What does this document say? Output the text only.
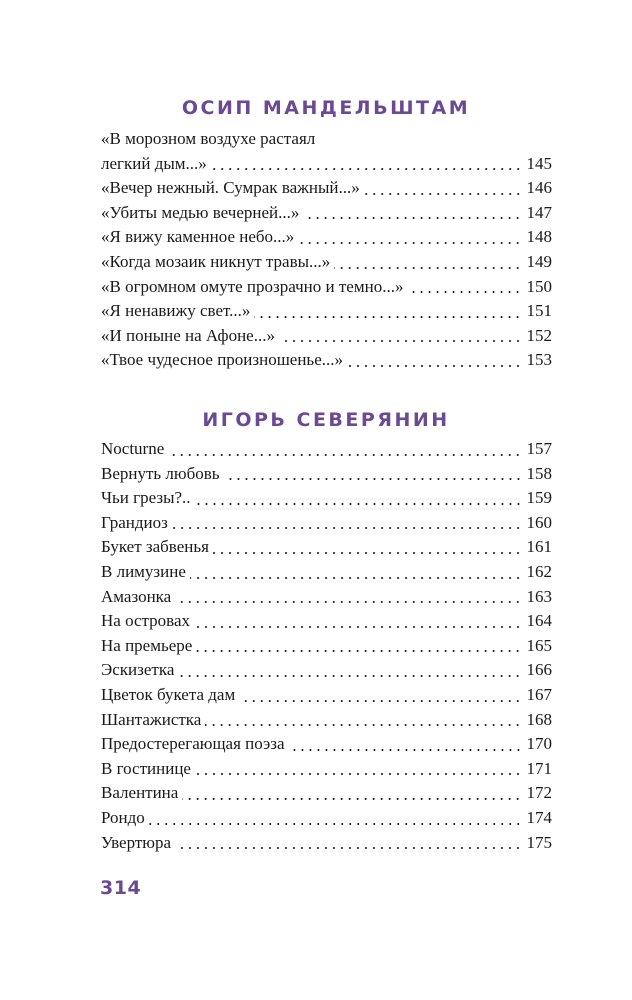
ОСИП МАНДЕЛЬШТАМ
«В морозном воздухе растаял
легкий дым...»	145
«Вечер нежный. Сумрак важный...»	146
«Убиты медью вечерней...»	147
«Я вижу каменное небо...»	148
«Когда мозаик никнут травы...»	149
«В огромном омуте прозрачно и темно...»	150
«Я ненавижу свет...»	151
«И поныне на Афоне...»	152
«Твое чудесное произношенье...»	153
ИГОРЬ СЕВЕРЯНИН
Nocturne	157
Вернуть любовь	158
Чьи грезы?..	159
Грандиоз	160
Букет забвенья	161
В лимузине	162
Амазонка	163
На островах	164
На премьере	165
Эскизетка	166
Цветок букета дам	167
Шантажистка	168
Предостерегающая поэза	170
В гостинице	171
Валентина	172
Рондо	174
Увертюра	175
314
